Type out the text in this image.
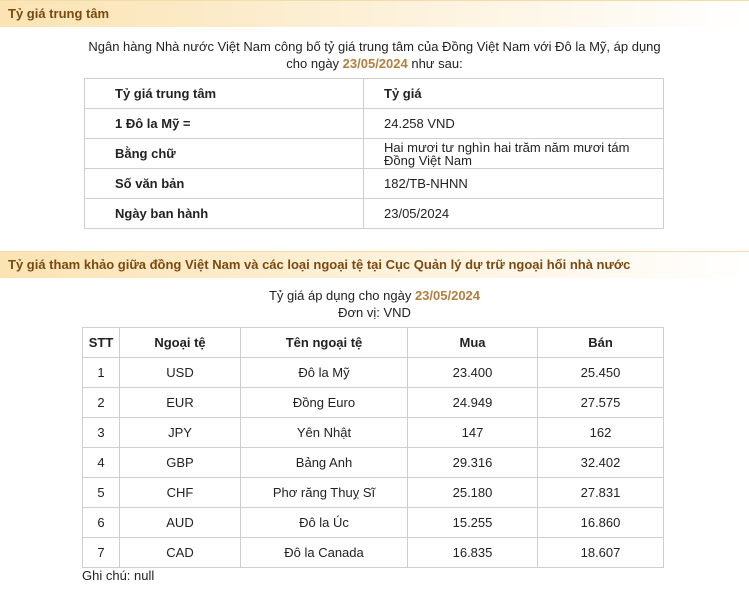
Tỷ giá trung tâm
Ngân hàng Nhà nước Việt Nam công bố tỷ giá trung tâm của Đồng Việt Nam với Đô la Mỹ, áp dụng
cho ngày 23/05/2024 như sau:
Tỷ giá trung tâm	Tỷ giá
1 Đô la Mỹ =	24.258 VND
Bằng chữ	Hai mươi tư nghìn hai trăm năm mươi tám Đồng Việt Nam
Số văn bản	182/TB-NHNN
Ngày ban hành	23/05/2024
Tỷ giá tham khảo giữa đồng Việt Nam và các loại ngoại tệ tại Cục Quản lý dự trữ ngoại hối nhà nước
Tỷ giá áp dụng cho ngày 23/05/2024
Đơn vị: VND
STT	Ngoại tệ	Tên ngoại tệ	Mua	Bán
1	USD	Đô la Mỹ	23.400	25.450
2	EUR	Đồng Euro	24.949	27.575
3	JPY	Yên Nhật	147	162
4	GBP	Bảng Anh	29.316	32.402
5	CHF	Phơ răng Thuỵ Sĩ	25.180	27.831
6	AUD	Đô la Úc	15.255	16.860
7	CAD	Đô la Canada	16.835	18.607
Ghi chú: null
